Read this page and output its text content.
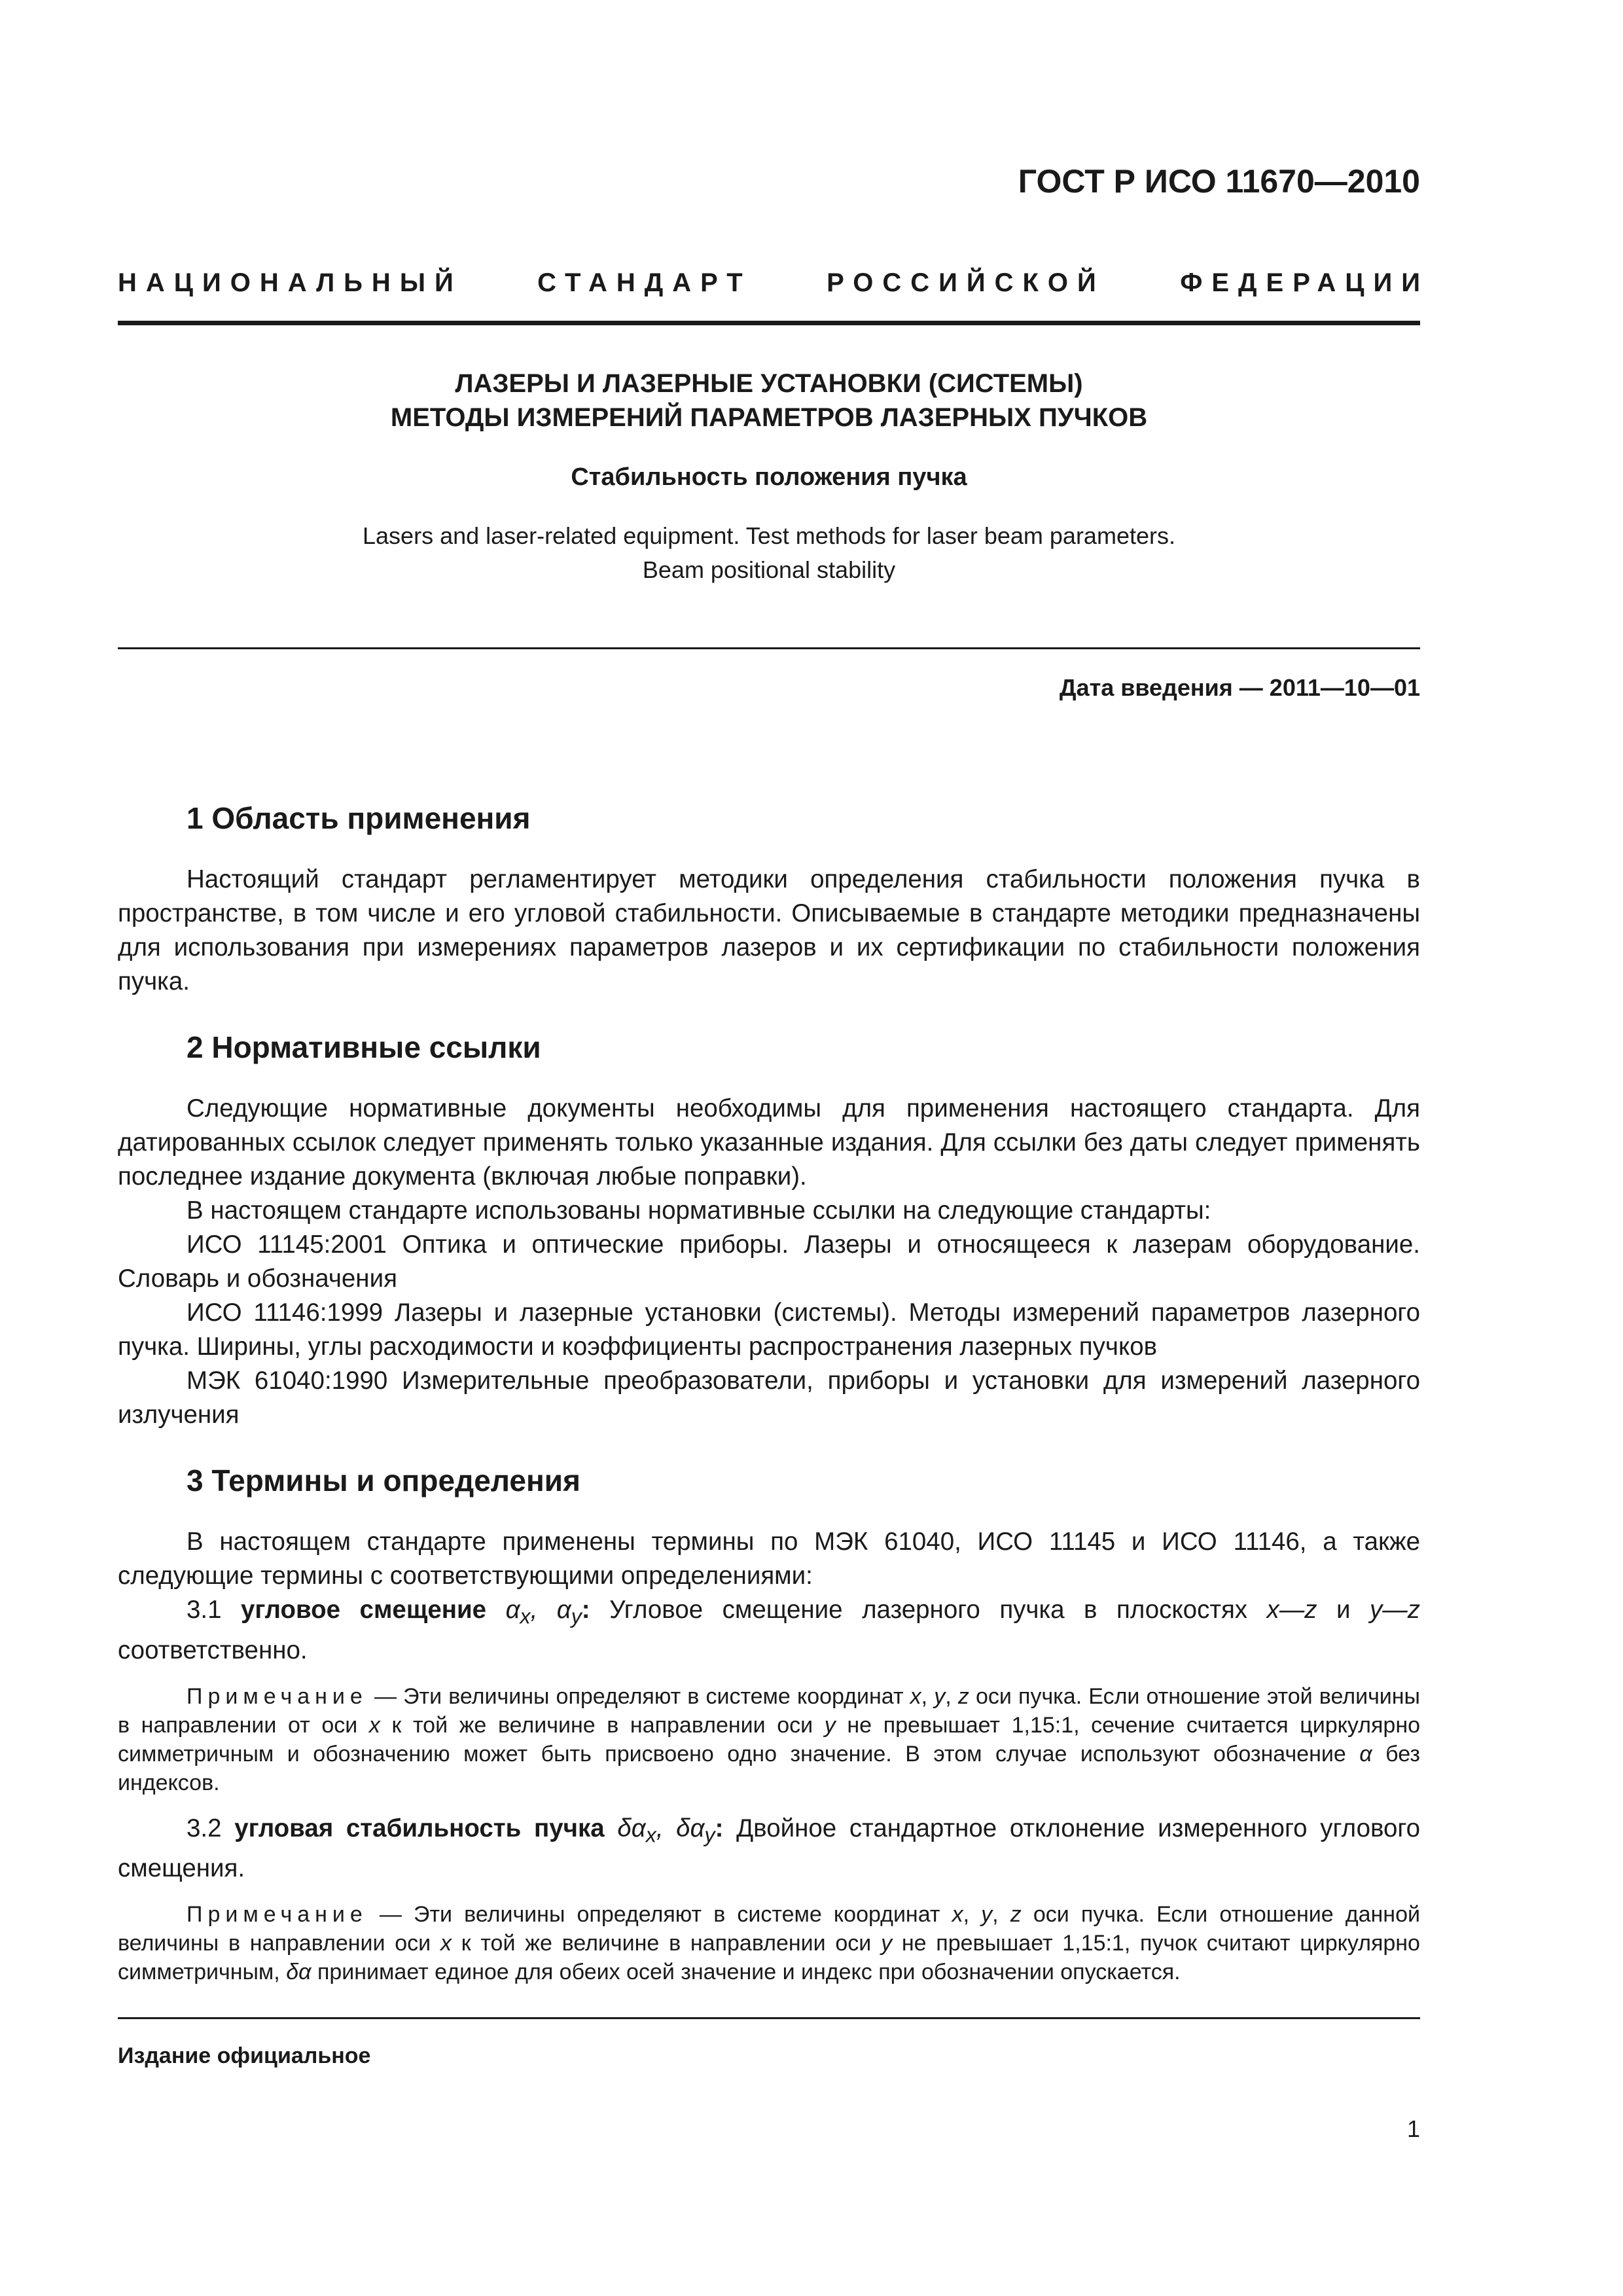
ГОСТ Р ИСО 11670—2010

НАЦИОНАЛЬНЫЙ	СТАНДАРТ	РОССИЙСКОЙ	ФЕДЕРАЦИИ

ЛАЗЕРЫ И ЛАЗЕРНЫЕ УСТАНОВКИ (СИСТЕМЫ)

МЕТОДЫ ИЗМЕРЕНИЙ ПАРАМЕТРОВ ЛАЗЕРНЫХ ПУЧКОВ

Стабильность положения пучка

Lasers and laser-related equipment. Test methods for laser beam parameters.
Beam positional stability

Дата введения — 2011—10—01

1 Область применения

Настоящий стандарт регламентирует методики определения стабильности положения пучка в пространстве, в том числе и его угловой стабильности. Описываемые в стандарте методики предназначены для использования при измерениях параметров лазеров и их сертификации по стабильности положения пучка.

2 Нормативные ссылки

Следующие нормативные документы необходимы для применения настоящего стандарта. Для датированных ссылок следует применять только указанные издания. Для ссылки без даты следует применять последнее издание документа (включая любые поправки).

В настоящем стандарте использованы нормативные ссылки на следующие стандарты:

ИСО 11145:2001 Оптика и оптические приборы. Лазеры и относящееся к лазерам оборудование. Словарь и обозначения

ИСО 11146:1999 Лазеры и лазерные установки (системы). Методы измерений параметров лазерного пучка. Ширины, углы расходимости и коэффициенты распространения лазерных пучков

МЭК 61040:1990 Измерительные преобразователи, приборы и установки для измерений лазерного излучения

3 Термины и определения

В настоящем стандарте применены термины по МЭК 61040, ИСО 11145 и ИСО 11146, а также следующие термины с соответствующими определениями:

3.1 угловое смещение $\alpha_x$, $\alpha_y$: Угловое смещение лазерного пучка в плоскостях x—z и y—z соответственно.

Примечание — Эти величины определяют в системе координат x, y, z оси пучка. Если отношение этой величины в направлении от оси x к той же величине в направлении оси y не превышает 1,15:1, сечение считается циркулярно симметричным и обозначению может быть присвоено одно значение. В этом случае используют обозначение α без индексов.

3.2 угловая стабильность пучка $\delta\alpha_x$, $\delta\alpha_y$: Двойное стандартное отклонение измеренного углового смещения.

Примечание — Эти величины определяют в системе координат x, y, z оси пучка. Если отношение данной величины в направлении оси x к той же величине в направлении оси y не превышает 1,15:1, пучок считают циркулярно симметричным, δα принимает единое для обеих осей значение и индекс при обозначении опускается.

Издание официальное

1
